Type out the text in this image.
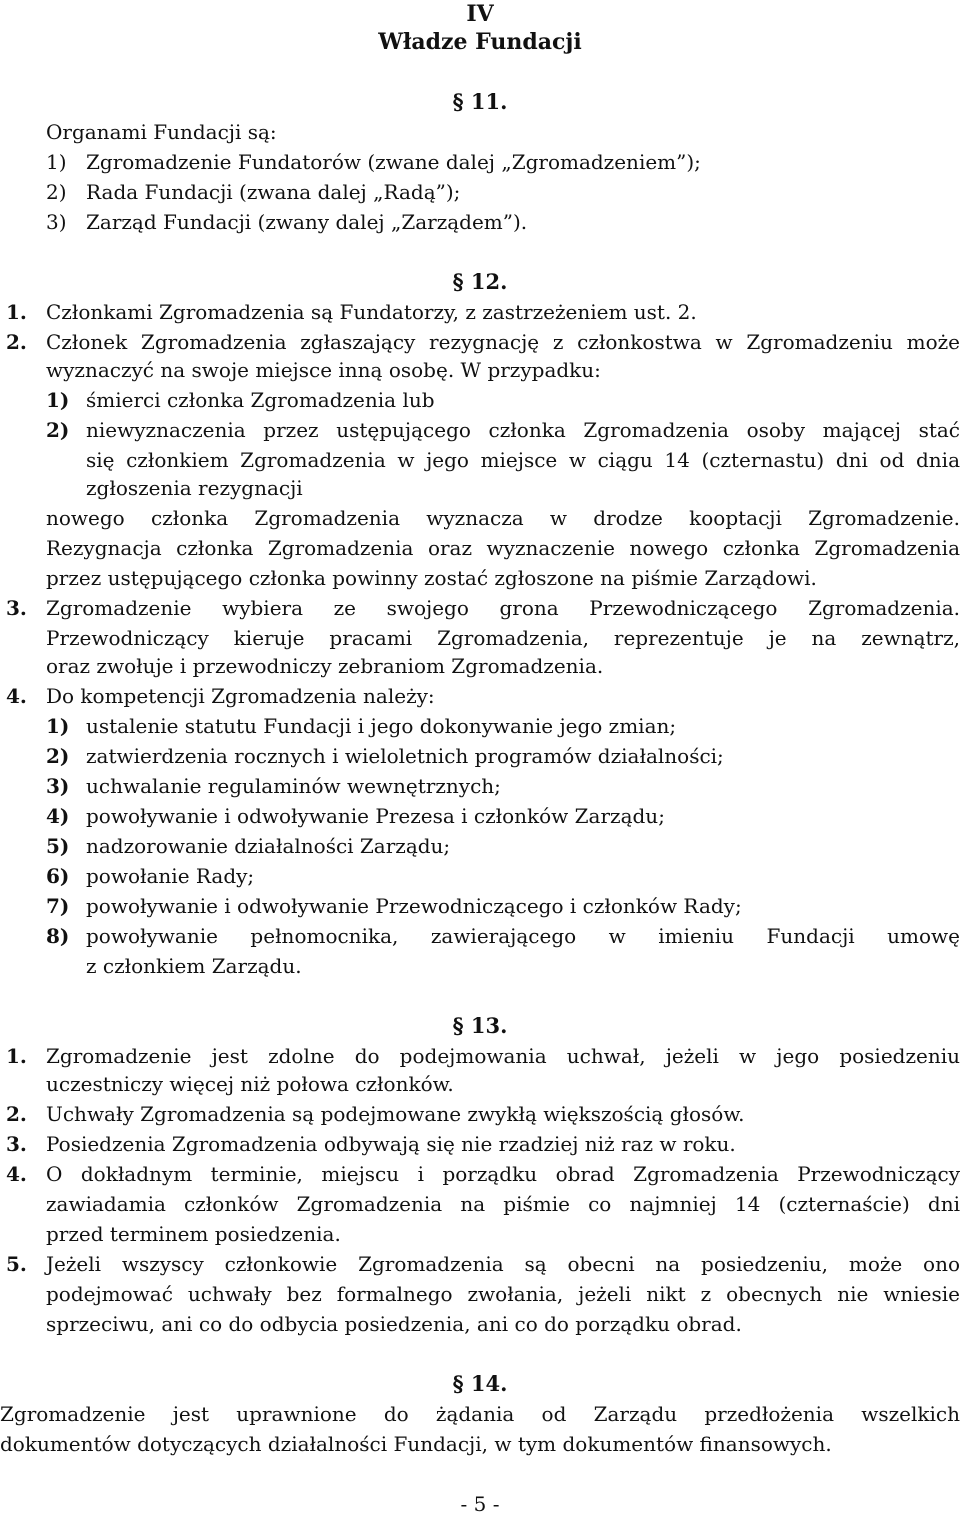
IV
Władze Fundacji
§ 11.
Organami Fundacji są:
1) Zgromadzenie Fundatorów (zwane dalej „Zgromadzeniem”);
2) Rada Fundacji (zwana dalej „Radą”);
3) Zarząd Fundacji (zwany dalej „Zarządem”).
§ 12.
1. Członkami Zgromadzenia są Fundatorzy, z zastrzeżeniem ust. 2.
2. Członek Zgromadzenia zgłaszający rezygnację z członkostwa w Zgromadzeniu może
wyznaczyć na swoje miejsce inną osobę. W przypadku:
1) śmierci członka Zgromadzenia lub
2) niewyznaczenia przez ustępującego członka Zgromadzenia osoby mającej stać
się członkiem Zgromadzenia w jego miejsce w ciągu 14 (czternastu) dni od dnia
zgłoszenia rezygnacji
nowego członka Zgromadzenia wyznacza w drodze kooptacji Zgromadzenie.
Rezygnacja członka Zgromadzenia oraz wyznaczenie nowego członka Zgromadzenia
przez ustępującego członka powinny zostać zgłoszone na piśmie Zarządowi.
3. Zgromadzenie wybiera ze swojego grona Przewodniczącego Zgromadzenia.
Przewodniczący kieruje pracami Zgromadzenia, reprezentuje je na zewnątrz,
oraz zwołuje i przewodniczy zebraniom Zgromadzenia.
4. Do kompetencji Zgromadzenia należy:
1) ustalenie statutu Fundacji i jego dokonywanie jego zmian;
2) zatwierdzenia rocznych i wieloletnich programów działalności;
3) uchwalanie regulaminów wewnętrznych;
4) powoływanie i odwoływanie Prezesa i członków Zarządu;
5) nadzorowanie działalności Zarządu;
6) powołanie Rady;
7) powoływanie i odwoływanie Przewodniczącego i członków Rady;
8) powoływanie pełnomocnika, zawierającego w imieniu Fundacji umowę
z członkiem Zarządu.
§ 13.
1. Zgromadzenie jest zdolne do podejmowania uchwał, jeżeli w jego posiedzeniu
uczestniczy więcej niż połowa członków.
2. Uchwały Zgromadzenia są podejmowane zwykłą większością głosów.
3. Posiedzenia Zgromadzenia odbywają się nie rzadziej niż raz w roku.
4. O dokładnym terminie, miejscu i porządku obrad Zgromadzenia Przewodniczący
zawiadamia członków Zgromadzenia na piśmie co najmniej 14 (czternaście) dni
przed terminem posiedzenia.
5. Jeżeli wszyscy członkowie Zgromadzenia są obecni na posiedzeniu, może ono
podejmować uchwały bez formalnego zwołania, jeżeli nikt z obecnych nie wniesie
sprzeciwu, ani co do odbycia posiedzenia, ani co do porządku obrad.
§ 14.
Zgromadzenie jest uprawnione do żądania od Zarządu przedłożenia wszelkich
dokumentów dotyczących działalności Fundacji, w tym dokumentów finansowych.
- 5 -
